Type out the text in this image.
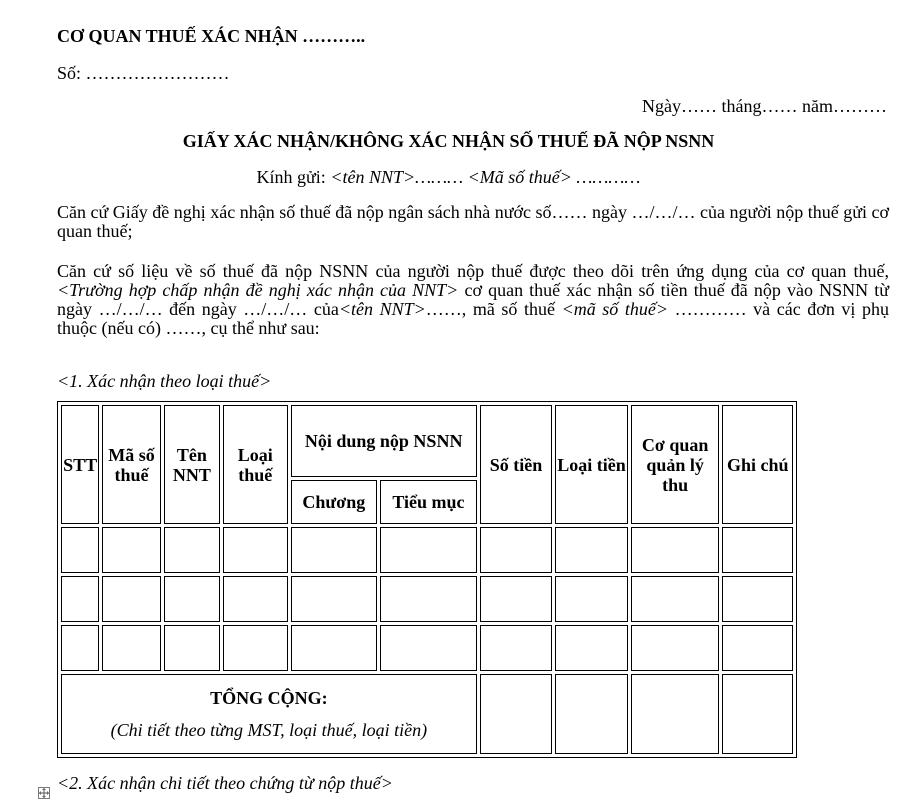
CƠ QUAN THUẾ XÁC NHẬN ………..
Số: ……………………
Ngày…… tháng…… năm………
GIẤY XÁC NHẬN/KHÔNG XÁC NHẬN SỐ THUẾ ĐÃ NỘP NSNN
Kính gửi: <tên NNT>……… <Mã số thuế> …………
Căn cứ Giấy đề nghị xác nhận số thuế đã nộp ngân sách nhà nước số…… ngày …/…/… của người nộp thuế gửi cơ quan thuế;
Căn cứ số liệu về số thuế đã nộp NSNN của người nộp thuế được theo dõi trên ứng dụng của cơ quan thuế, <Trường hợp chấp nhận đề nghị xác nhận của NNT> cơ quan thuế xác nhận số tiền thuế đã nộp vào NSNN từ ngày …/…/… đến ngày …/…/… của<tên NNT>……, mã số thuế <mã số thuế> ………… và các đơn vị phụ thuộc (nếu có) ……, cụ thể như sau:
<1. Xác nhận theo loại thuế>
STT	Mã số thuế	Tên NNT	Loại thuế	Nội dung nộp NSNN		Số tiền	Loại tiền	Cơ quan quản lý thu	Ghi chú
				Chương	Tiểu mục				

TỔNG CỘNG:
(Chi tiết theo từng MST, loại thuế, loại tiền)									

<2. Xác nhận chi tiết theo chứng từ nộp thuế>
